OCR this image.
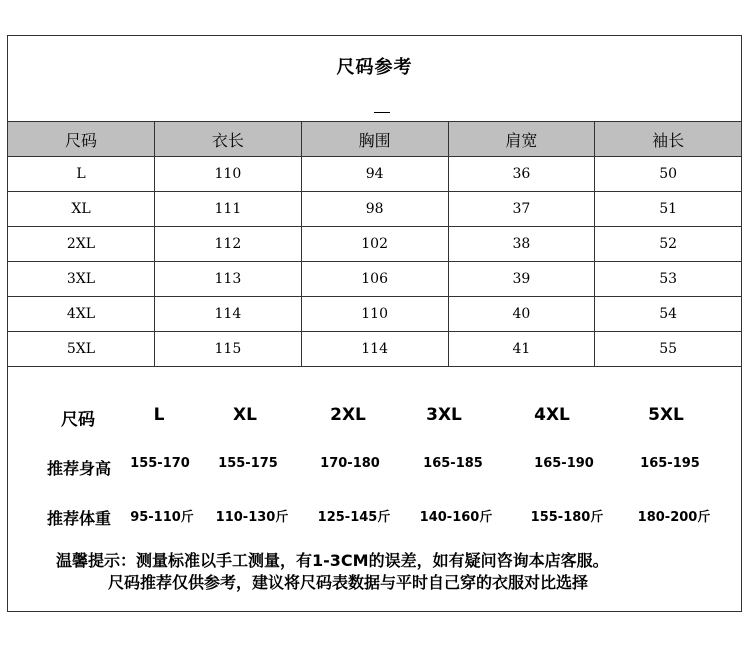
尺码参考
尺码	衣长	胸围	肩宽	袖长
L	110	94	36	50
XL	111	98	37	51
2XL	112	102	38	52
3XL	113	106	39	53
4XL	114	110	40	54
5XL	115	114	41	55
尺码	L	XL	2XL	3XL	4XL	5XL
推荐身高 155-170 155-175	170-180	165-185	165-190	165-195
推荐体重 95-110斤 110-130斤 125-145斤 140-160斤	155-180斤	180-200斤
温馨提示：测量标准以手工测量，有1-3CM的误差，如有疑问咨询本店客服。
尺码推荐仅供参考，建议将尺码表数据与平时自己穿的衣服对比选择
